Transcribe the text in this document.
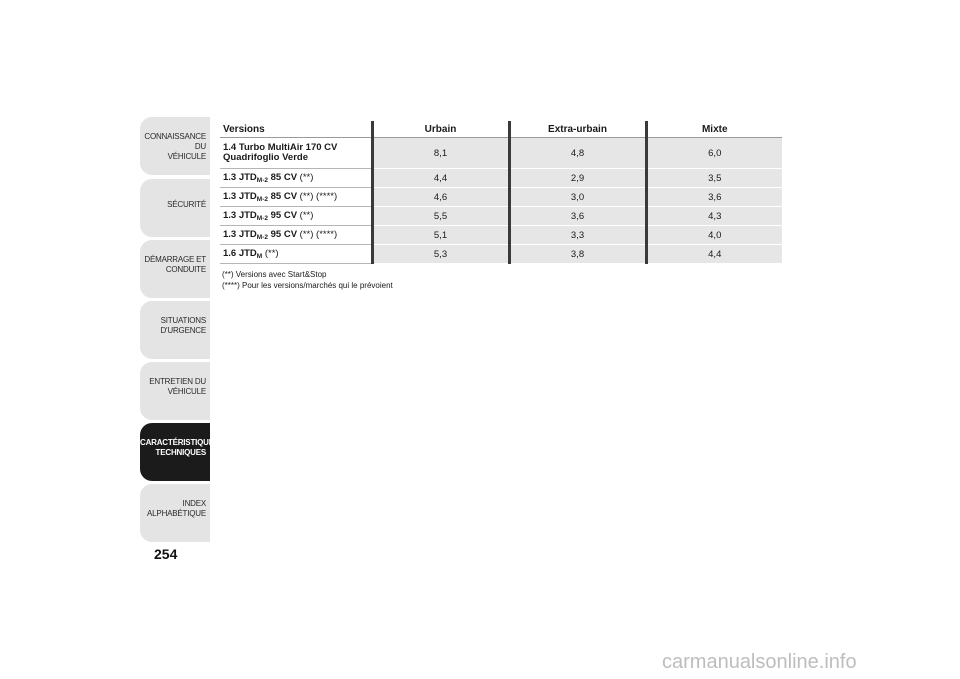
CONNAISSANCE DU
VÉHICULE
SÉCURITÉ
DÉMARRAGE ET
CONDUITE
SITUATIONS
D'URGENCE
ENTRETIEN DU
VÉHICULE
CARACTÉRISTIQUES
TECHNIQUES
INDEX
ALPHABÉTIQUE
254
Versions	Urbain	Extra-urbain	Mixte
1.4 Turbo MultiAir 170 CV
Quadrifoglio Verde	8,1	4,8	6,0
1.3 $JTD_{M-2}$ 85 CV (**)	4,4	2,9	3,5
1.3 $JTD_{M-2}$ 85 CV (**) (****)	4,6	3,0	3,6
1.3 $JTD_{M-2}$ 95 CV (**)	5,5	3,6	4,3
1.3 $JTD_{M-2}$ 95 CV (**) (****)	5,1	3,3	4,0
1.6 $JTD_M$ (**)	5,3	3,8	4,4
(**) Versions avec Start&Stop
(****) Pour les versions/marchés qui le prévoient
carmanualsonline.info
